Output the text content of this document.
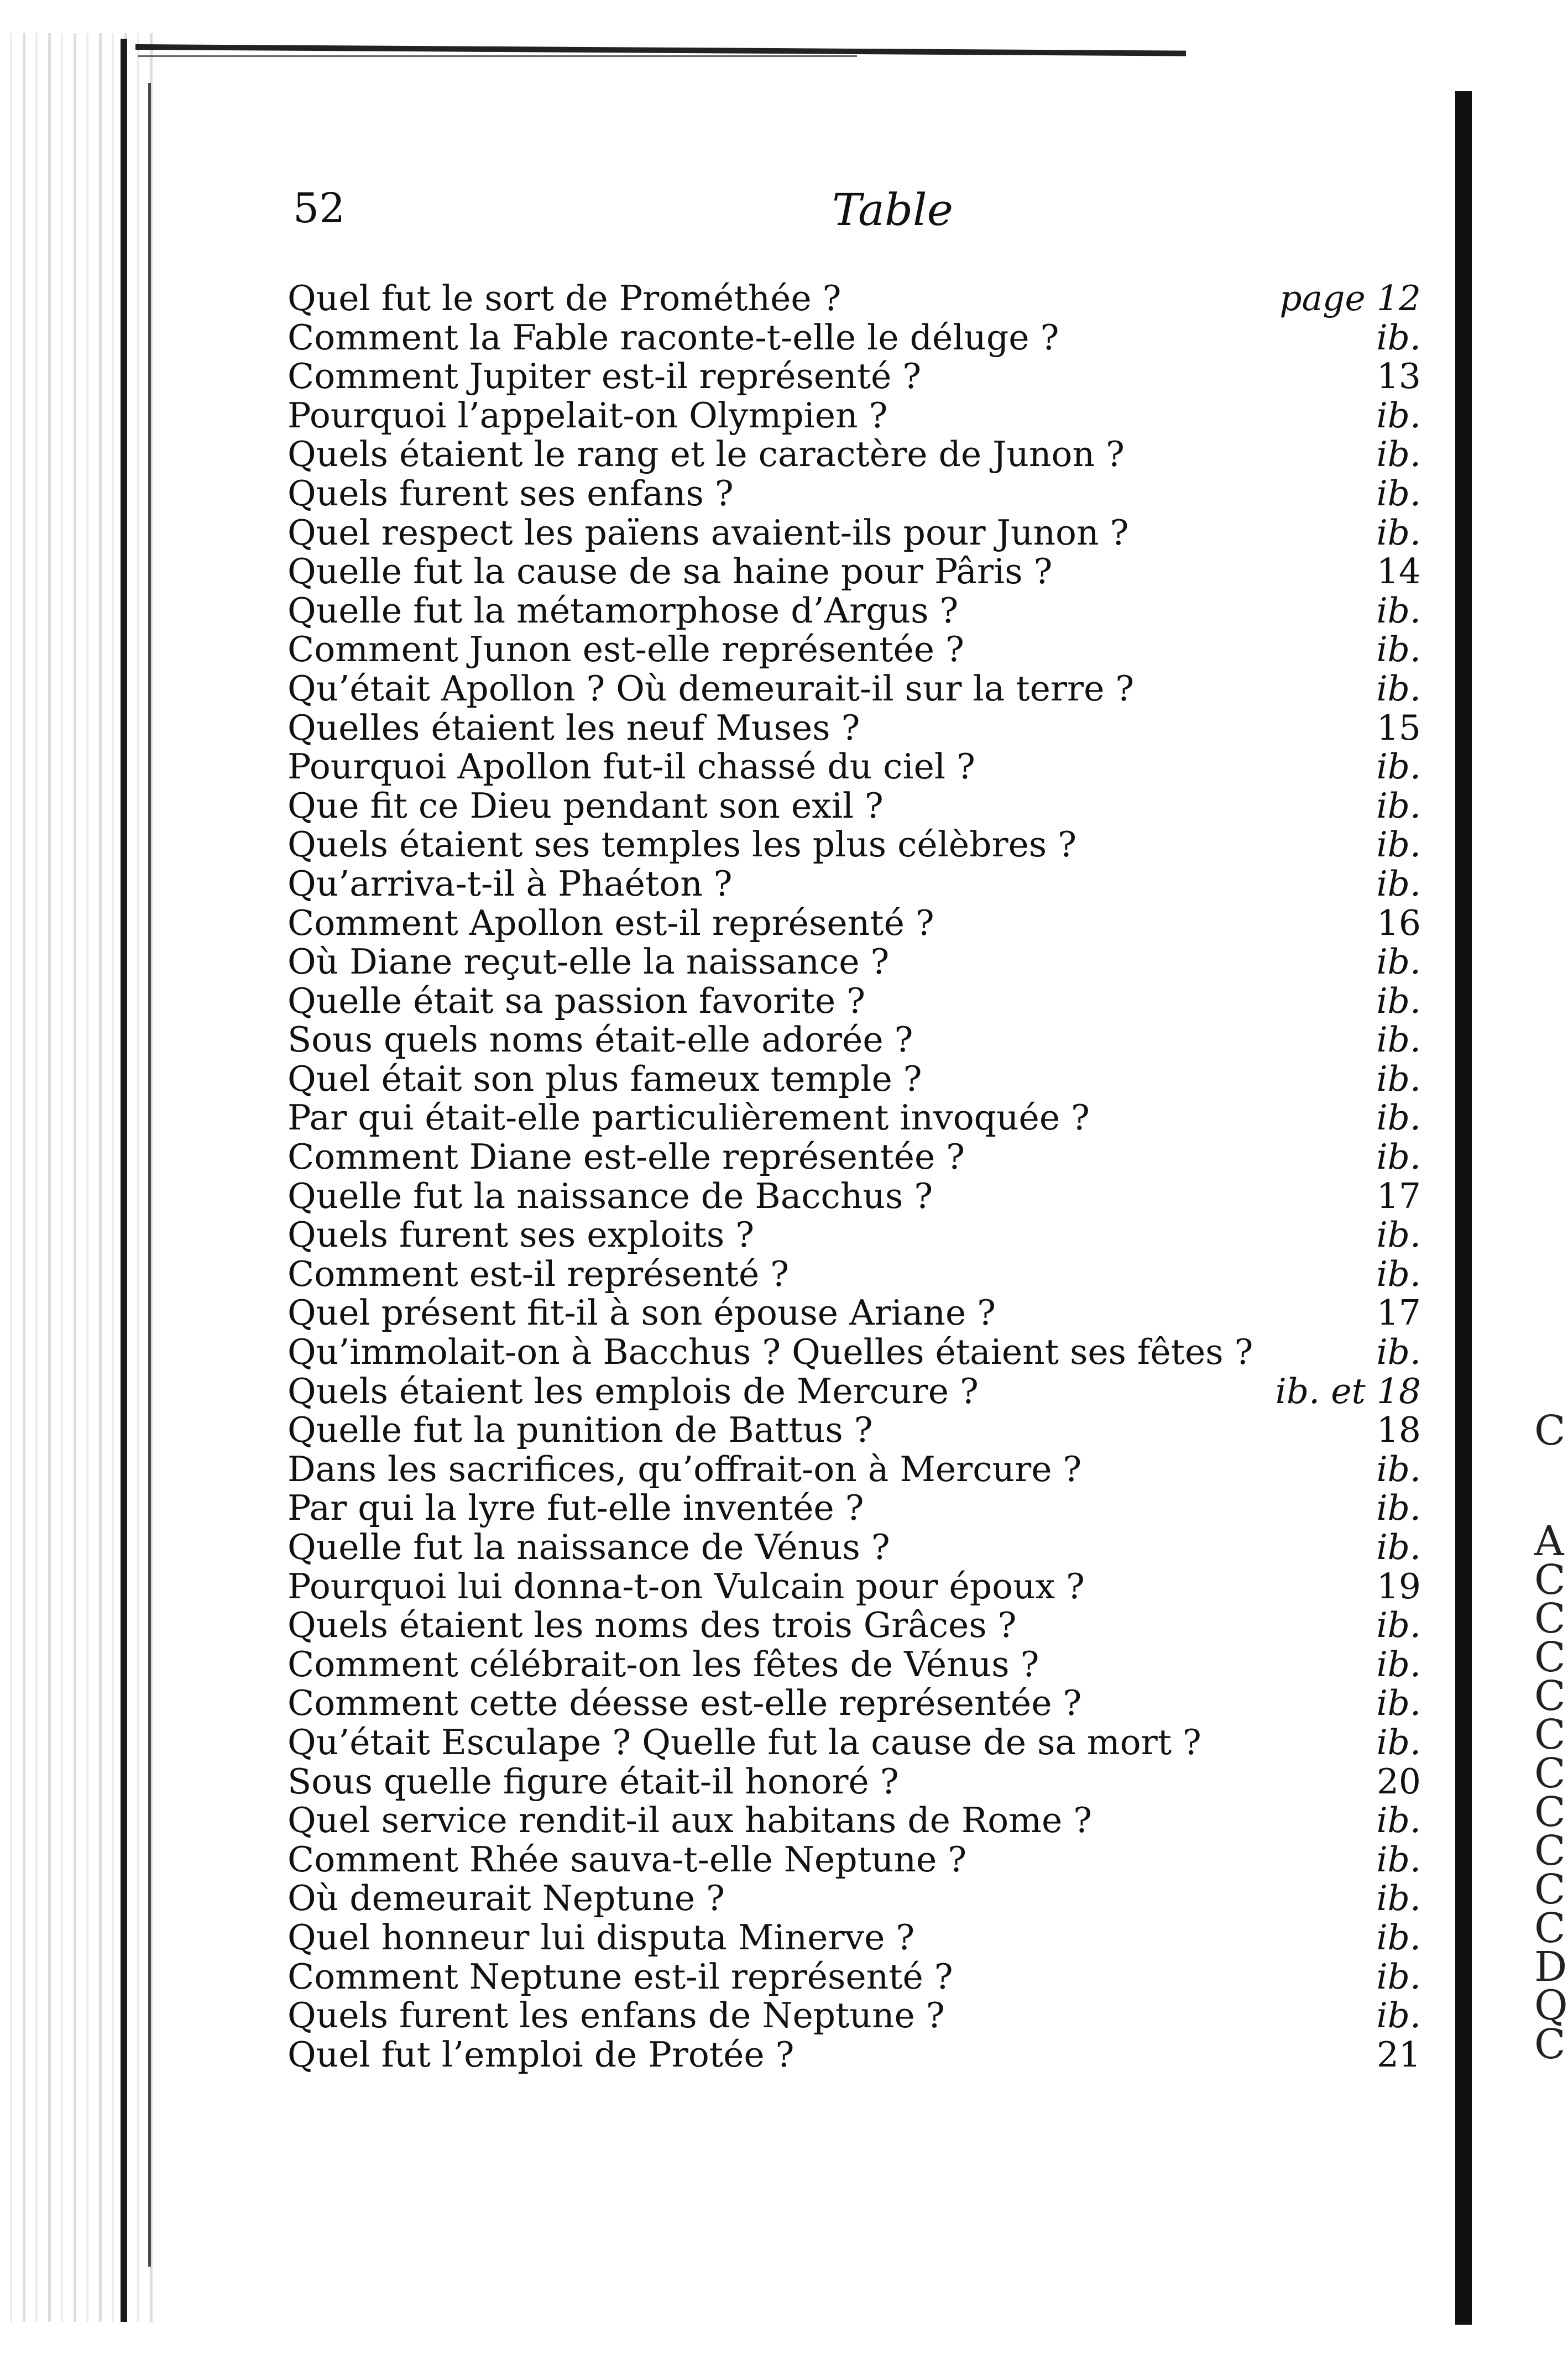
52	Table
Quel fut le sort de Prométhée ?	page 12
Comment la Fable raconte-t-elle le déluge ?	ib.
Comment Jupiter est-il représenté ?	13
Pourquoi l’appelait-on Olympien ?	ib.
Quels étaient le rang et le caractère de Junon ?	ib.
Quels furent ses enfans ?	ib.
Quel respect les païens avaient-ils pour Junon ?	ib.
Quelle fut la cause de sa haine pour Pâris ?	14
Quelle fut la métamorphose d’Argus ?	ib.
Comment Junon est-elle représentée ?	ib.
Qu’était Apollon ? Où demeurait-il sur la terre ?	ib.
Quelles étaient les neuf Muses ?	15
Pourquoi Apollon fut-il chassé du ciel ?	ib.
Que fit ce Dieu pendant son exil ?	ib.
Quels étaient ses temples les plus célèbres ?	ib.
Qu’arriva-t-il à Phaéton ?	ib.
Comment Apollon est-il représenté ?	16
Où Diane reçut-elle la naissance ?	ib.
Quelle était sa passion favorite ?	ib.
Sous quels noms était-elle adorée ?	ib.
Quel était son plus fameux temple ?	ib.
Par qui était-elle particulièrement invoquée ?	ib.
Comment Diane est-elle représentée ?	ib.
Quelle fut la naissance de Bacchus ?	17
Quels furent ses exploits ?	ib.
Comment est-il représenté ?	ib.
Quel présent fit-il à son épouse Ariane ?	17
Qu’immolait-on à Bacchus ? Quelles étaient ses fêtes ?	ib.
Quels étaient les emplois de Mercure ?	ib. et 18
Quelle fut la punition de Battus ?	18
Dans les sacrifices, qu’offrait-on à Mercure ?	ib.
Par qui la lyre fut-elle inventée ?	ib.
Quelle fut la naissance de Vénus ?	ib.
Pourquoi lui donna-t-on Vulcain pour époux ?	19
Quels étaient les noms des trois Grâces ?	ib.
Comment célébrait-on les fêtes de Vénus ?	ib.
Comment cette déesse est-elle représentée ?	ib.
Qu’était Esculape ? Quelle fut la cause de sa mort ?	ib.
Sous quelle figure était-il honoré ?	20
Quel service rendit-il aux habitans de Rome ?	ib.
Comment Rhée sauva-t-elle Neptune ?	ib.
Où demeurait Neptune ?	ib.
Quel honneur lui disputa Minerve ?	ib.
Comment Neptune est-il représenté ?	ib.
Quels furent les enfans de Neptune ?	ib.
Quel fut l’emploi de Protée ?	21
C
A
C
C
C
C
C
C
C
C
C
C
D
Q
C
